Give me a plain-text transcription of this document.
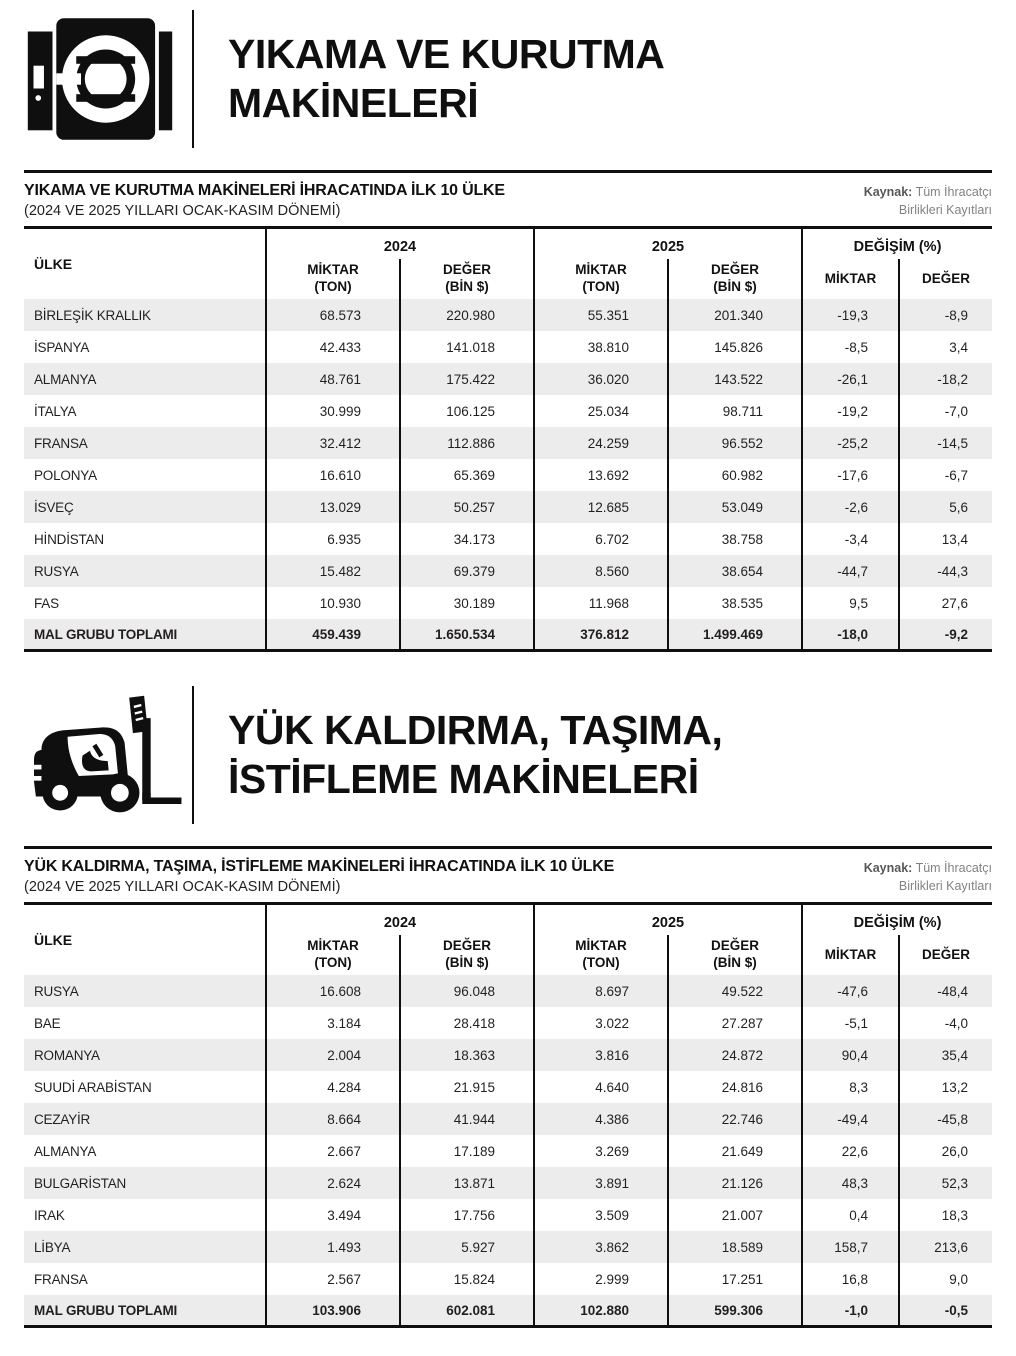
YIKAMA VE KURUTMA
MAKİNELERİ
YIKAMA VE KURUTMA MAKİNELERİ İHRACATINDA İLK 10 ÜLKE
(2024 VE 2025 YILLARI OCAK-KASIM DÖNEMİ)
Kaynak: Tüm İhracatçı
Birlikleri Kayıtları
ÜLKE
2024	2025	DEĞİŞİM (%)
MİKTAR
(TON)
DEĞER
(BİN $)
MİKTAR
(TON)
DEĞER
(BİN $)
MİKTAR	DEĞER
BİRLEŞİK KRALLIK	68.573	220.980	55.351	201.340	-19,3	-8,9
İSPANYA	42.433	141.018	38.810	145.826	-8,5	3,4
ALMANYA	48.761	175.422	36.020	143.522	-26,1	-18,2
İTALYA	30.999	106.125	25.034	98.711	-19,2	-7,0
FRANSA	32.412	112.886	24.259	96.552	-25,2	-14,5
POLONYA	16.610	65.369	13.692	60.982	-17,6	-6,7
İSVEÇ	13.029	50.257	12.685	53.049	-2,6	5,6
HİNDİSTAN	6.935	34.173	6.702	38.758	-3,4	13,4
RUSYA	15.482	69.379	8.560	38.654	-44,7	-44,3
FAS	10.930	30.189	11.968	38.535	9,5	27,6
MAL GRUBU TOPLAMI	459.439	1.650.534	376.812	1.499.469	-18,0	-9,2
YÜK KALDIRMA, TAŞIMA,
İSTİFLEME MAKİNELERİ
YÜK KALDIRMA, TAŞIMA, İSTİFLEME MAKİNELERİ İHRACATINDA İLK 10 ÜLKE
(2024 VE 2025 YILLARI OCAK-KASIM DÖNEMİ)
Kaynak: Tüm İhracatçı
Birlikleri Kayıtları
ÜLKE
2024	2025	DEĞİŞİM (%)
MİKTAR
(TON)
DEĞER
(BİN $)
MİKTAR
(TON)
DEĞER
(BİN $)
MİKTAR	DEĞER
RUSYA	16.608	96.048	8.697	49.522	-47,6	-48,4
BAE	3.184	28.418	3.022	27.287	-5,1	-4,0
ROMANYA	2.004	18.363	3.816	24.872	90,4	35,4
SUUDİ ARABİSTAN	4.284	21.915	4.640	24.816	8,3	13,2
CEZAYİR	8.664	41.944	4.386	22.746	-49,4	-45,8
ALMANYA	2.667	17.189	3.269	21.649	22,6	26,0
BULGARİSTAN	2.624	13.871	3.891	21.126	48,3	52,3
IRAK	3.494	17.756	3.509	21.007	0,4	18,3
LİBYA	1.493	5.927	3.862	18.589	158,7	213,6
FRANSA	2.567	15.824	2.999	17.251	16,8	9,0
MAL GRUBU TOPLAMI	103.906	602.081	102.880	599.306	-1,0	-0,5
